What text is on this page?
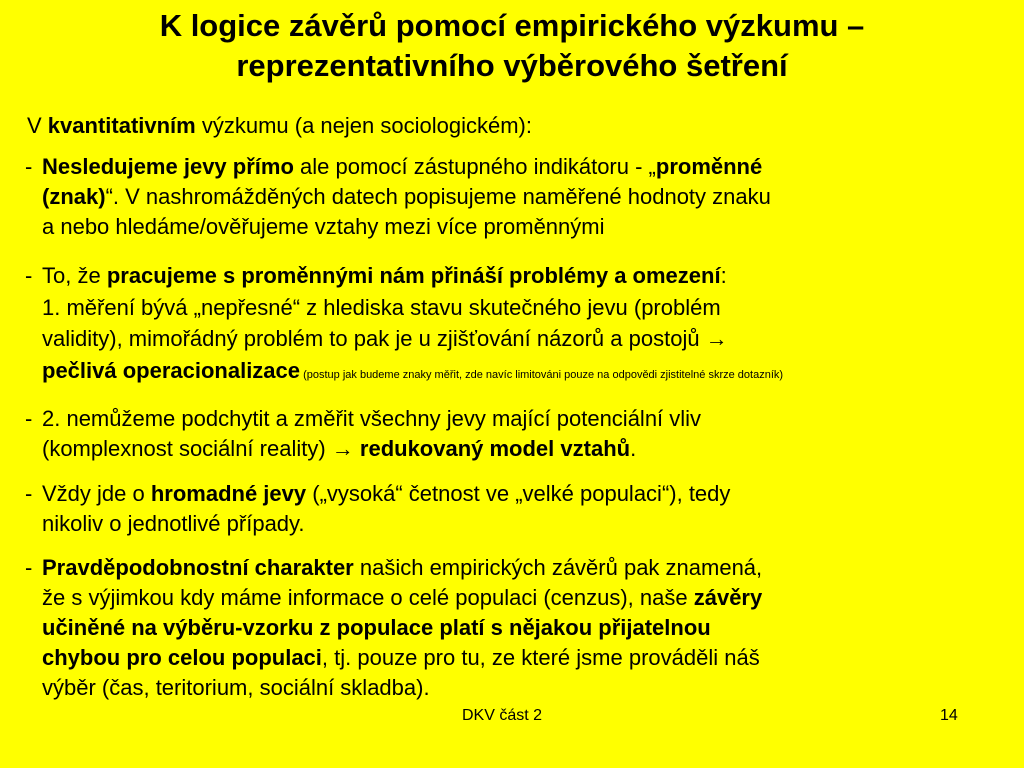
K logice závěrů pomocí empirického výzkumu –
reprezentativního výběrového šetření

V kvantitativním výzkumu (a nejen sociologickém):

- Nesledujeme jevy přímo ale pomocí zástupného indikátoru - „proměnné
(znak)“. V nashromážděných datech popisujeme naměřené hodnoty znaku
a nebo hledáme/ověřujeme vztahy mezi více proměnnými
- To, že pracujeme s proměnnými nám přináší problémy a omezení:
1. měření bývá „nepřesné“ z hlediska stavu skutečného jevu (problém
validity), mimořádný problém to pak je u zjišťování názorů a postojů →
pečlivá operacionalizace (postup jak budeme znaky měřit, zde navíc limitováni pouze na odpovědi zjistitelné skrze dotazník)
- 2. nemůžeme podchytit a změřit všechny jevy mající potenciální vliv
(komplexnost sociální reality) → redukovaný model vztahů.
- Vždy jde o hromadné jevy („vysoká“ četnost ve „velké populaci“), tedy
nikoliv o jednotlivé případy.
- Pravděpodobnostní charakter našich empirických závěrů pak znamená,
že s výjimkou kdy máme informace o celé populaci (cenzus), naše závěry
učiněné na výběru-vzorku z populace platí s nějakou přijatelnou
chybou pro celou populaci, tj. pouze pro tu, ze které jsme prováděli náš
výběr (čas, teritorium, sociální skladba).
DKV část 2	14
